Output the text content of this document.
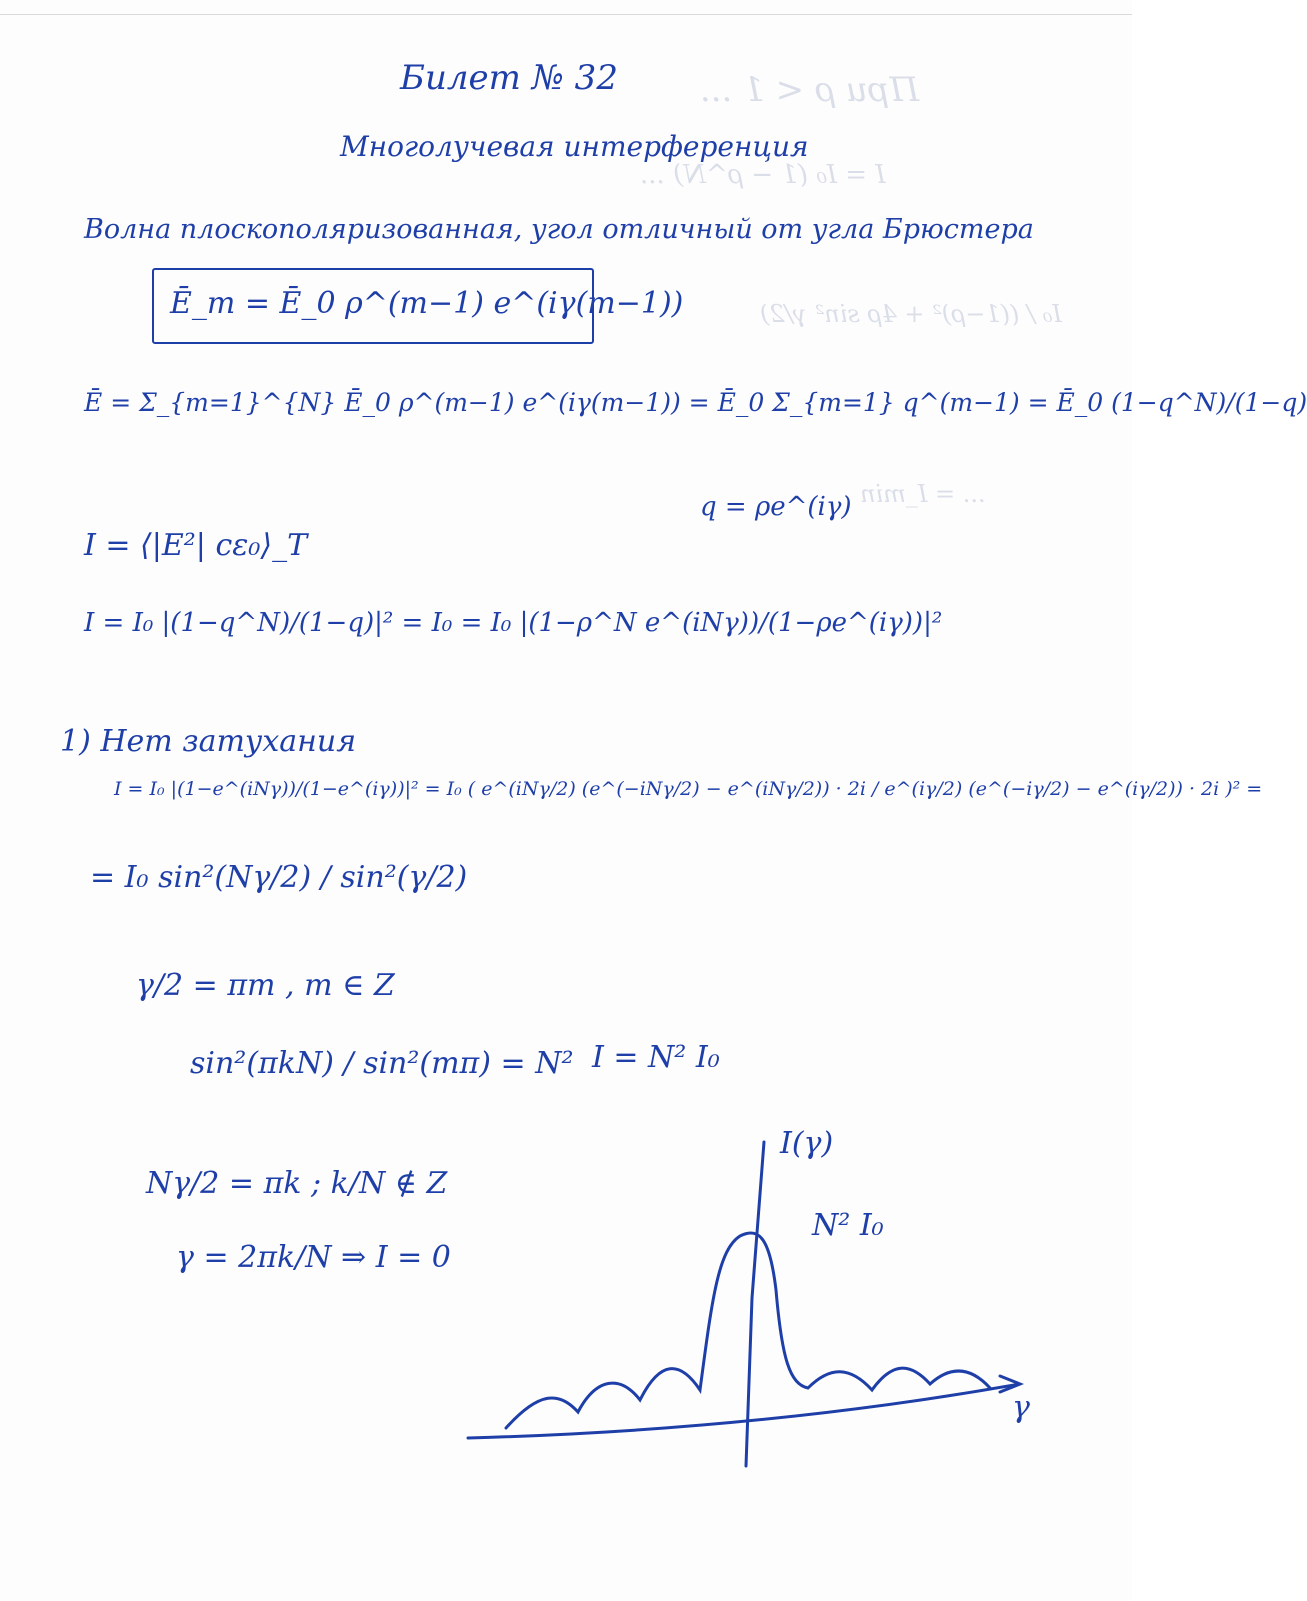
При ρ < 1 ...
I = I₀ (1 − ρ^N) ...
I₀ / ((1−ρ)² + 4ρ sin² γ/2)
... = I_min
Билет № 32
Многолучевая интерференция
Волна плоскополяризованная, угол отличный от угла Брюстера
Ē_m = Ē_0 ρ^(m−1) e^(iγ(m−1))
Ē = Σ_{m=1}^{N} Ē_0 ρ^(m−1) e^(iγ(m−1)) = Ē_0 Σ_{m=1} q^(m−1) = Ē_0 (1−q^N)/(1−q)
q = ρe^(iγ)
I = ⟨|E²| cε₀⟩_T
I = I₀ |(1−q^N)/(1−q)|² = I₀ = I₀ |(1−ρ^N e^(iNγ))/(1−ρe^(iγ))|²
1) Нет затухания
I = I₀ |(1−e^(iNγ))/(1−e^(iγ))|² = I₀ ( e^(iNγ/2) (e^(−iNγ/2) − e^(iNγ/2)) · 2i / e^(iγ/2) (e^(−iγ/2) − e^(iγ/2)) · 2i )² =
= I₀ sin²(Nγ/2) / sin²(γ/2)
γ/2 = πm , m ∈ Z
sin²(πkN) / sin²(mπ) = N² I = N² I₀
Nγ/2 = πk ; k/N ∉ Z
γ = 2πk/N ⇒ I = 0
I(γ)
N² I₀
γ
